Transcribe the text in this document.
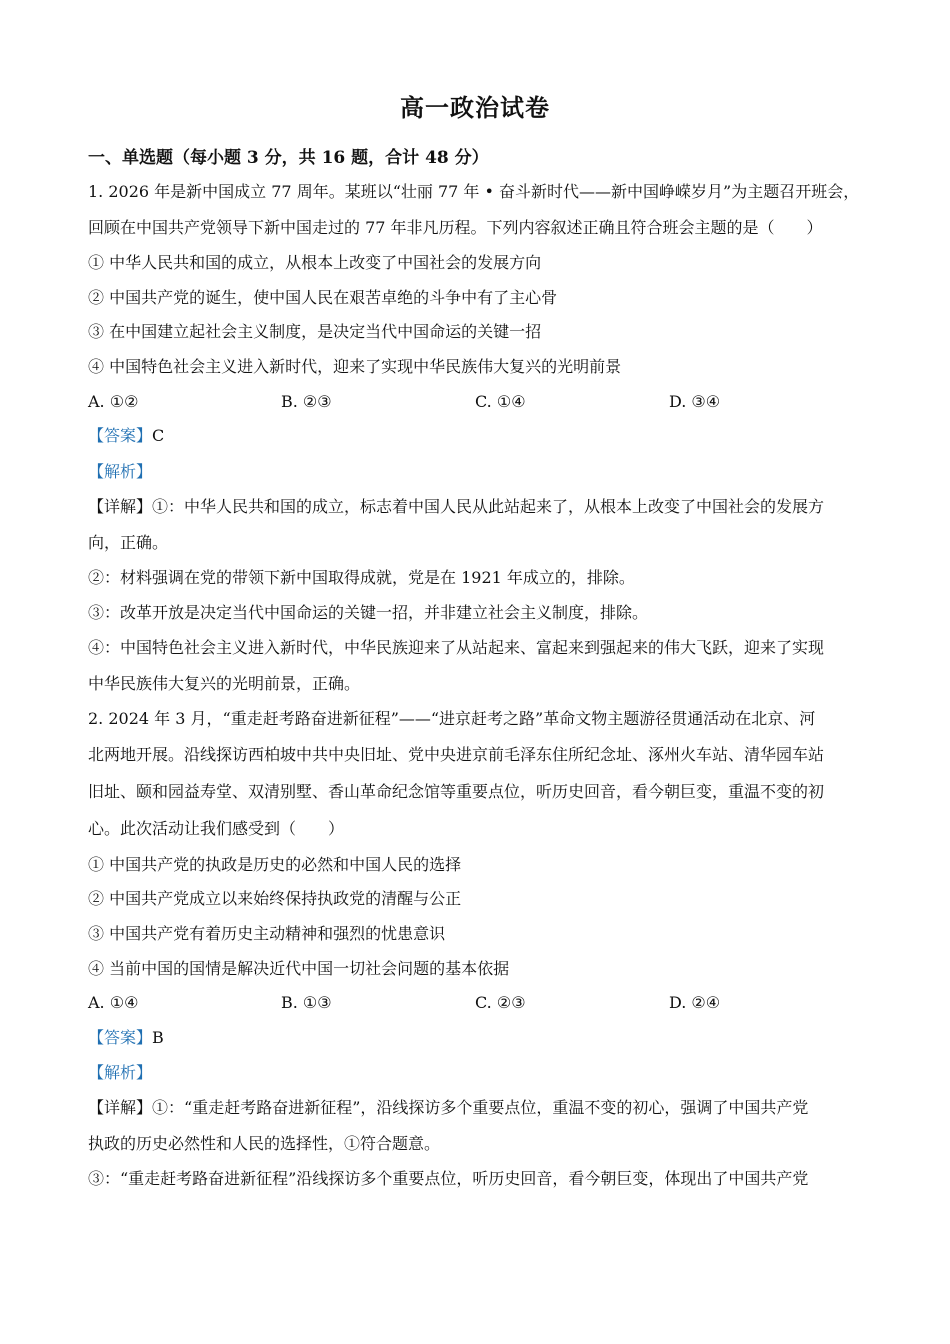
高一政治试卷
一、单选题（每小题 3 分，共 16 题，合计 48 分）
1. 2026 年是新中国成立 77 周年。某班以“壮丽 77 年 • 奋斗新时代——新中国峥嵘岁月”为主题召开班会，
回顾在中国共产党领导下新中国走过的 77 年非凡历程。下列内容叙述正确且符合班会主题的是（　　）
① 中华人民共和国的成立，从根本上改变了中国社会的发展方向
② 中国共产党的诞生，使中国人民在艰苦卓绝的斗争中有了主心骨
③ 在中国建立起社会主义制度，是决定当代中国命运的关键一招
④ 中国特色社会主义进入新时代，迎来了实现中华民族伟大复兴的光明前景
A. ①②	B. ②③	C. ①④	D. ③④
【答案】C
【解析】
【详解】①：中华人民共和国的成立，标志着中国人民从此站起来了，从根本上改变了中国社会的发展方
向，正确。
②：材料强调在党的带领下新中国取得成就，党是在 1921 年成立的，排除。
③：改革开放是决定当代中国命运的关键一招，并非建立社会主义制度，排除。
④：中国特色社会主义进入新时代，中华民族迎来了从站起来、富起来到强起来的伟大飞跃，迎来了实现
中华民族伟大复兴的光明前景，正确。
2. 2024 年 3 月，“重走赶考路奋进新征程”——“进京赶考之路”革命文物主题游径贯通活动在北京、河
北两地开展。沿线探访西柏坡中共中央旧址、党中央进京前毛泽东住所纪念址、涿州火车站、清华园车站
旧址、颐和园益寿堂、双清别墅、香山革命纪念馆等重要点位，听历史回音，看今朝巨变，重温不变的初
心。此次活动让我们感受到（　　）
① 中国共产党的执政是历史的必然和中国人民的选择
② 中国共产党成立以来始终保持执政党的清醒与公正
③ 中国共产党有着历史主动精神和强烈的忧患意识
④ 当前中国的国情是解决近代中国一切社会问题的基本依据
A. ①④	B. ①③	C. ②③	D. ②④
【答案】B
【解析】
【详解】①：“重走赶考路奋进新征程”，沿线探访多个重要点位，重温不变的初心，强调了中国共产党
执政的历史必然性和人民的选择性，①符合题意。
③：“重走赶考路奋进新征程”沿线探访多个重要点位，听历史回音，看今朝巨变，体现出了中国共产党
